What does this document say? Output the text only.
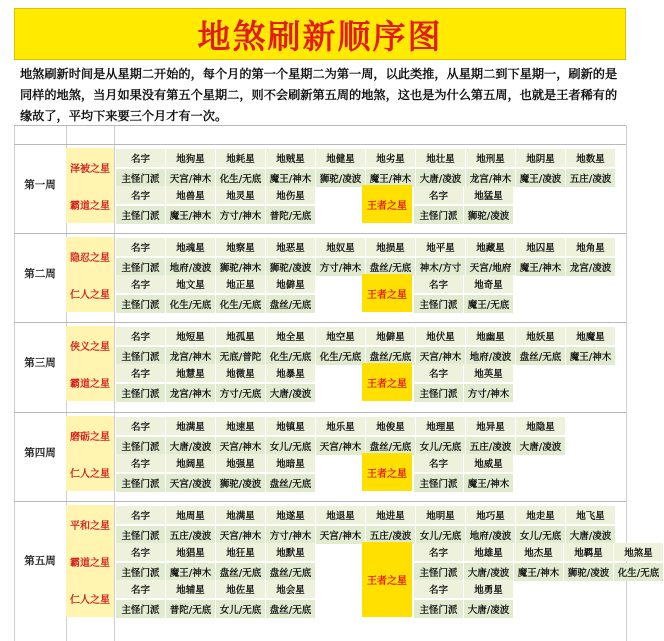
地煞刷新顺序图
地煞刷新时间是从星期二开始的，每个月的第一个星期二为第一周，以此类推，从星期二到下星期一，刷新的是同样的地煞，当月如果没有第五个星期二，则不会刷新第五周的地煞，这也是为什么第五周，也就是王者稀有的缘故了，平均下来要三个月才有一次。
泽被之星
名字	地狗星	地耗星	地贼星	地健星	地劣星	地壮星	地刑星	地阴星	地数星
主怪门派	天宫/神木 化生/无底 魔王/神木 狮驼/凌波 魔王/神木 大唐/凌波 龙宫/神木 魔王/凌波 五庄/凌波
霸道之星
名字	地兽星	地灵星	地伤星
主怪门派	魔王/神木 方寸/神木 普陀/无底
王者之星
名字	地猛星
主怪门派	狮驼/凌波
第一周
隐忍之星
名字	地魂星	地察星	地恶星	地奴星	地损星	地平星	地藏星	地囚星	地角星
主怪门派	地府/凌波 狮驼/神木 狮驼/凌波 方寸/神木 盘丝/无底 神木/方寸 天宫/地府 魔王/神木 龙宫/凌波
仁人之星
名字	地文星	地正星	地僻星
主怪门派	化生/无底 化生/无底 盘丝/无底
王者之星
名字	地奇星
主怪门派	魔王/无底
第二周
侠义之星
名字	地短星	地孤星	地全星	地空星	地僻星	地伏星	地幽星	地妖星	地魔星
主怪门派	龙宫/神木 无底/普陀 化生/无底 化生/无底 盘丝/无底 天宫/神木 地府/凌波 盘丝/无底 魔王/神木
霸道之星
名字	地慧星	地微星	地暴星
主怪门派	龙宫/神木 方寸/无底 大唐/凌波
王者之星
名字	地英星
主怪门派	方寸/神木
第三周
磨砺之星
名字	地满星	地速星	地镇星	地乐星	地俊星	地理星	地异星	地隐星
主怪门派	大唐/凌波 天宫/神木 女儿/无底 天宫/神木 盘丝/无底 女儿/无底 五庄/凌波 大唐/凌波
仁人之星
名字	地阔星	地强星	地暗星
主怪门派	天宫/凌波 狮驼/凌波 盘丝/无底
王者之星
名字	地威星
主怪门派	魔王/神木
第四周
平和之星
名字	地周星	地满星	地遂星	地退星	地进星	地明星	地巧星	地走星	地飞星
主怪门派	五庄/凌波 天宫/神木 方寸/神木 天宫/神木 五庄/凌波 女儿/无底 地府/凌波 女儿/无底 大唐/凌波
霸道之星
名字	地猖星	地狂星	地默星
主怪门派	魔王/神木 盘丝/无底 盘丝/无底
仁人之星
名字	地辅星	地佐星	地会星
主怪门派	普陀/无底 女儿/无底 盘丝/无底
王者之星
名字	地雄星	地杰星	地羁星	地煞星
主怪门派	大唐/凌波 魔王/神木 狮驼/凌波 化生/无底
名字	地勇星
主怪门派	大唐/凌波
第五周
